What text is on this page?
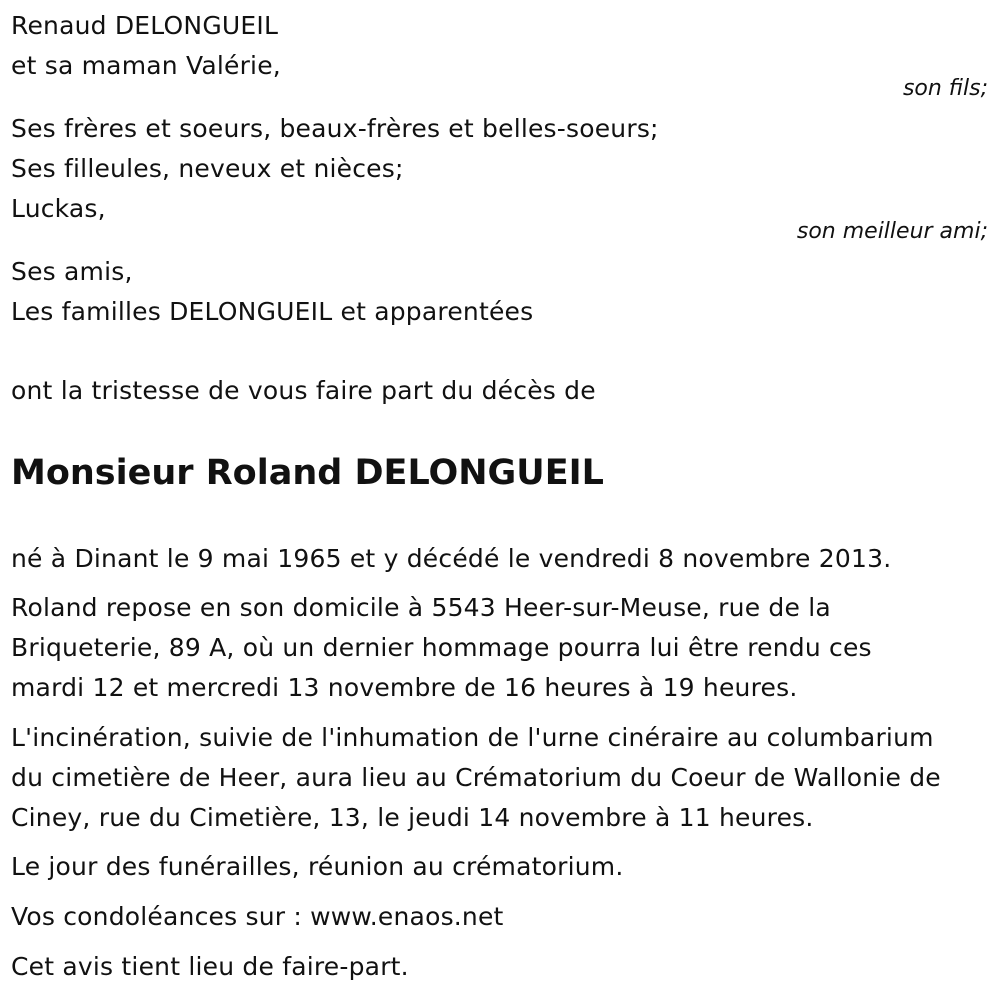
Renaud DELONGUEIL
et sa maman Valérie,
son fils;
Ses frères et soeurs, beaux-frères et belles-soeurs;
Ses filleules, neveux et nièces;
Luckas,
son meilleur ami;
Ses amis,
Les familles DELONGUEIL et apparentées
ont la tristesse de vous faire part du décès de
Monsieur Roland DELONGUEIL
né à Dinant le 9 mai 1965 et y décédé le vendredi 8 novembre 2013.
Roland repose en son domicile à 5543 Heer-sur-Meuse, rue de la
Briqueterie, 89 A, où un dernier hommage pourra lui être rendu ces
mardi 12 et mercredi 13 novembre de 16 heures à 19 heures.
L'incinération, suivie de l'inhumation de l'urne cinéraire au columbarium
du cimetière de Heer, aura lieu au Crématorium du Coeur de Wallonie de
Ciney, rue du Cimetière, 13, le jeudi 14 novembre à 11 heures.
Le jour des funérailles, réunion au crématorium.
Vos condoléances sur : www.enaos.net
Cet avis tient lieu de faire-part.
